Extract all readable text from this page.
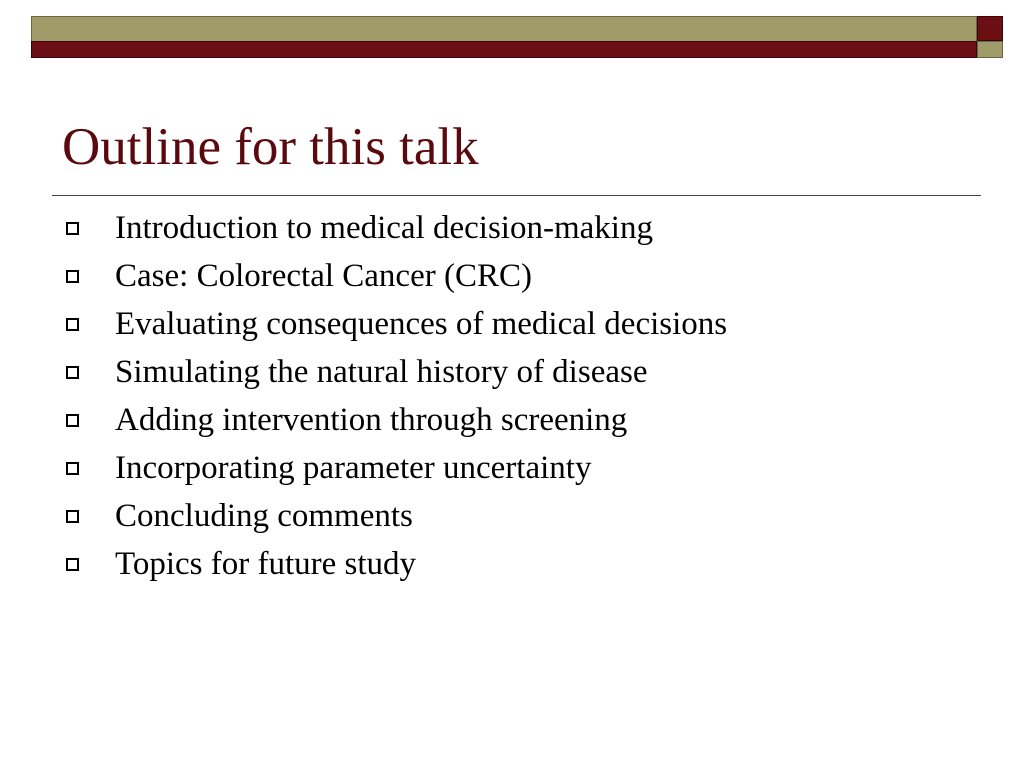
Outline for this talk
Introduction to medical decision-making
Case: Colorectal Cancer (CRC)
Evaluating consequences of medical decisions
Simulating the natural history of disease
Adding intervention through screening
Incorporating parameter uncertainty
Concluding comments
Topics for future study
